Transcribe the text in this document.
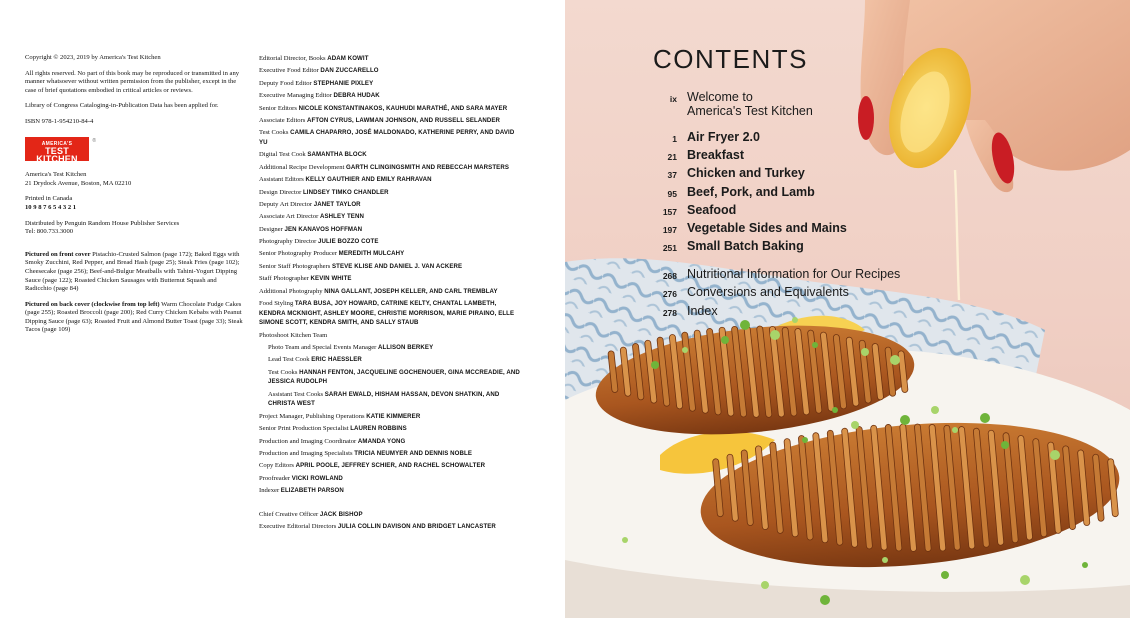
Copyright © 2023, 2019 by America's Test Kitchen

All rights reserved. No part of this book may be reproduced or transmitted in any manner whatsoever without written permission from the publisher, except in the case of brief quotations embodied in critical articles or reviews.

Library of Congress Cataloging-in-Publication Data has been applied for.

ISBN 978-1-954210-84-4

AMERICA'S
TEST KITCHEN
®

America's Test Kitchen
21 Drydock Avenue, Boston, MA 02210

Printed in Canada
10 9 8 7 6 5 4 3 2 1

Distributed by Penguin Random House Publisher Services
Tel: 800.733.3000

Pictured on front cover Pistachio-Crusted Salmon (page 172); Baked Eggs with Smoky Zucchini, Red Pepper, and Bread Hash (page 25); Steak Fries (page 102); Cheesecake (page 256); Beef-and-Bulgur Meatballs with Tahini-Yogurt Dipping Sauce (page 122); Roasted Chicken Sausages with Butternut Squash and Radicchio (page 84)

Pictured on back cover (clockwise from top left) Warm Chocolate Fudge Cakes (page 255); Roasted Broccoli (page 200); Red Curry Chicken Kebabs with Peanut Dipping Sauce (page 63); Roasted Fruit and Almond Butter Toast (page 33); Steak Tacos (page 109)

Editorial Director, Books ADAM KOWIT
Executive Food Editor DAN ZUCCARELLO
Deputy Food Editor STEPHANIE PIXLEY
Executive Managing Editor DEBRA HUDAK
Senior Editors NICOLE KONSTANTINAKOS, KAUHUDI MARATHÉ, AND SARA MAYER
Associate Editors AFTON CYRUS, LAWMAN JOHNSON, AND RUSSELL SELANDER
Test Cooks CAMILA CHAPARRO, JOSÉ MALDONADO, KATHERINE PERRY, AND DAVID YU
Digital Test Cook SAMANTHA BLOCK
Additional Recipe Development GARTH CLINGINGSMITH AND REBECCAH MARSTERS
Assistant Editors KELLY GAUTHIER AND EMILY RAHRAVAN
Design Director LINDSEY TIMKO CHANDLER
Deputy Art Director JANET TAYLOR
Associate Art Director ASHLEY TENN
Designer JEN KANAVOS HOFFMAN
Photography Director JULIE BOZZO COTE
Senior Photography Producer MEREDITH MULCAHY
Senior Staff Photographers STEVE KLISE AND DANIEL J. VAN ACKERE
Staff Photographer KEVIN WHITE
Additional Photography NINA GALLANT, JOSEPH KELLER, AND CARL TREMBLAY
Food Styling TARA BUSA, JOY HOWARD, CATRINE KELTY, CHANTAL LAMBETH, KENDRA MCKNIGHT, ASHLEY MOORE, CHRISTIE MORRISON, MARIE PIRAINO, ELLE SIMONE SCOTT, KENDRA SMITH, AND SALLY STAUB
Photoshoot Kitchen Team
Photo Team and Special Events Manager ALLISON BERKEY
Lead Test Cook ERIC HAESSLER
Test Cooks HANNAH FENTON, JACQUELINE GOCHENOUER, GINA MCCREADIE, AND JESSICA RUDOLPH
Assistant Test Cooks SARAH EWALD, HISHAM HASSAN, DEVON SHATKIN, AND CHRISTA WEST
Project Manager, Publishing Operations KATIE KIMMERER
Senior Print Production Specialist LAUREN ROBBINS
Production and Imaging Coordinator AMANDA YONG
Production and Imaging Specialists TRICIA NEUMYER AND DENNIS NOBLE
Copy Editors APRIL POOLE, JEFFREY SCHIER, AND RACHEL SCHOWALTER
Proofreader VICKI ROWLAND
Indexer ELIZABETH PARSON
Chief Creative Officer JACK BISHOP
Executive Editorial Directors JULIA COLLIN DAVISON AND BRIDGET LANCASTER
CONTENTS
ix Welcome to
America's Test Kitchen
1 Air Fryer 2.0
21 Breakfast
37 Chicken and Turkey
95 Beef, Pork, and Lamb
157 Seafood
197 Vegetable Sides and Mains
251 Small Batch Baking
268 Nutritional Information for Our Recipes
276 Conversions and Equivalents
278 Index
